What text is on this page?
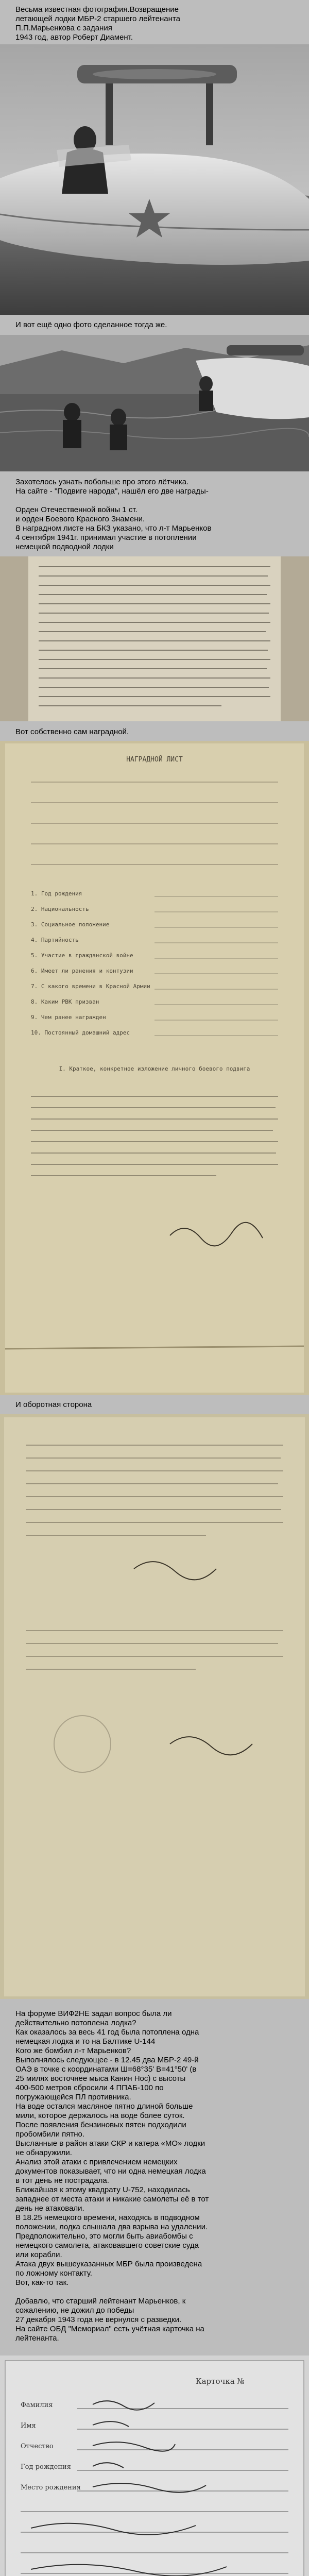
Весьма известная фотография.Возвращение

летающей лодки МБР-2 старшего лейтенанта

П.П.Марьенкова с задания

1943 год, автор Роберт Диамент.

И вот ещё одно фото сделанное тогда же.

Захотелось узнать побольше про этого лётчика.

На сайте - "Подвиге народа", нашёл его две награды-

Орден Отечественной войны 1 ст.

и орден Боевого Красного Знамени.

В наградном листе на БКЗ указано, что л-т Марьенков

4 сентября 1941г. принимал участие в потоплении

немецкой подводной лодки

Вот собственно сам наградной.

НАГРАДНОЙ ЛИСТ
1. Год рождения
2. Национальность
3. Социальное положение
4. Партийность
5. Участие в гражданской войне
6. Имеет ли ранения и контузии
7. С какого времени в Красной Армии
8. Каким РВК призван
9. Чем ранее награжден
10. Постоянный домашний адрес
I. Краткое, конкретное изложение личного боевого подвига

И оборотная сторона

На форуме ВИФ2НЕ задал вопрос была ли

действительно потоплена лодка?

Как оказалось за весь 41 год была потоплена одна

немецкая лодка и то на Балтике U-144

Кого же бомбил л-т Марьенков?

Выполнялось следующее - в 12.45 два МБР-2 49-й

ОАЭ в точке с координатами Ш=68°35' В=41°50' (в

25 милях восточнее мыса Канин Нос) с высоты

400-500 метров сбросили 4 ППАБ-100 по

погружающейся ПЛ противника.

На воде остался масляное пятно длиной больше

мили, которое держалось на воде более суток.

После появления бензиновых пятен подходили

пробомбили пятно.

Высланные в район атаки СКР и катера «МО» лодки

не обнаружили.

Анализ этой атаки с привлечением немецких

документов показывает, что ни одна немецкая лодка

в тот день не пострадала.

Ближайшая к этому квадрату U-752, находилась

западнее от места атаки и никакие самолеты её в тот

день не атаковали.

В 18.25 немецкого времени, находясь в подводном

положении, лодка слышала два взрыва на удалении.

Предположительно, это могли быть авиабомбы с

немецкого самолета, атаковавшего советские суда

или корабли.

Атака двух вышеуказанных МБР была произведена

по ложному контакту.

Вот, как-то так.

Добавлю, что старший лейтенант Марьенков, к

сожалению, не дожил до победы

27 декабря 1943 года не вернулся с разведки.

На сайте ОБД "Мемориал" есть учётная карточка на

лейтенанта.

Карточка №
Фамилия
Имя
Отчество
Год рождения
Место рождения
